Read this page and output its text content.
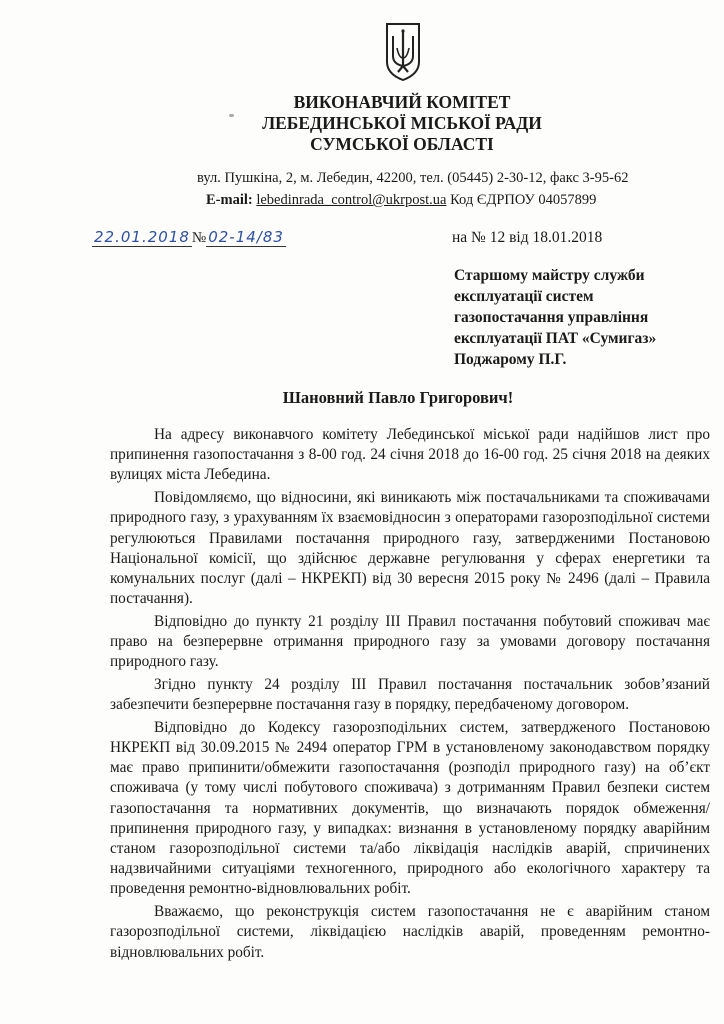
ВИКОНАВЧИЙ КОМІТЕТ
ЛЕБЕДИНСЬКОЇ МІСЬКОЇ РАДИ
СУМСЬКОЇ ОБЛАСТІ
вул. Пушкіна, 2, м. Лебедин, 42200, тел. (05445) 2-30-12, факс 3-95-62
E-mail: lebedinrada_control@ukrpost.ua Код ЄДРПОУ 04057899
22.01.2018 № 02-14/83	на № 12 від 18.01.2018
Старшому майстру служби
експлуатації систем
газопостачання управління
експлуатації ПАТ «Сумигаз»
Поджарому П.Г.
Шановний Павло Григорович!

На адресу виконавчого комітету Лебединської міської ради надійшов лист про припинення газопостачання з 8-00 год. 24 січня 2018 до 16-00 год. 25 січня 2018 на деяких вулицях міста Лебедина.

Повідомляємо, що відносини, які виникають між постачальниками та споживачами природного газу, з урахуванням їх взаємовідносин з операторами газорозподільної системи регулюються Правилами постачання природного газу, затвердженими Постановою Національної комісії, що здійснює державне регулювання у сферах енергетики та комунальних послуг (далі – НКРЕКП) від 30 вересня 2015 року № 2496 (далі – Правила постачання).

Відповідно до пункту 21 розділу III Правил постачання побутовий споживач має право на безперервне отримання природного газу за умовами договору постачання природного газу.

Згідно пункту 24 розділу III Правил постачання постачальник зобов’язаний забезпечити безперервне постачання газу в порядку, передбаченому договором.

Відповідно до Кодексу газорозподільних систем, затвердженого Постановою НКРЕКП від 30.09.2015 № 2494 оператор ГРМ в установленому законодавством порядку має право припинити/обмежити газопостачання (розподіл природного газу) на об’єкт споживача (у тому числі побутового споживача) з дотриманням Правил безпеки систем газопостачання та нормативних документів, що визначають порядок обмеження/припинення природного газу, у випадках: визнання в установленому порядку аварійним станом газорозподільної системи та/або ліквідація наслідків аварій, спричинених надзвичайними ситуаціями техногенного, природного або екологічного характеру та проведення ремонтно-відновлювальних робіт.

Вважаємо, що реконструкція систем газопостачання не є аварійним станом газорозподільної системи, ліквідацією наслідків аварій, проведенням ремонтно-відновлювальних робіт.
